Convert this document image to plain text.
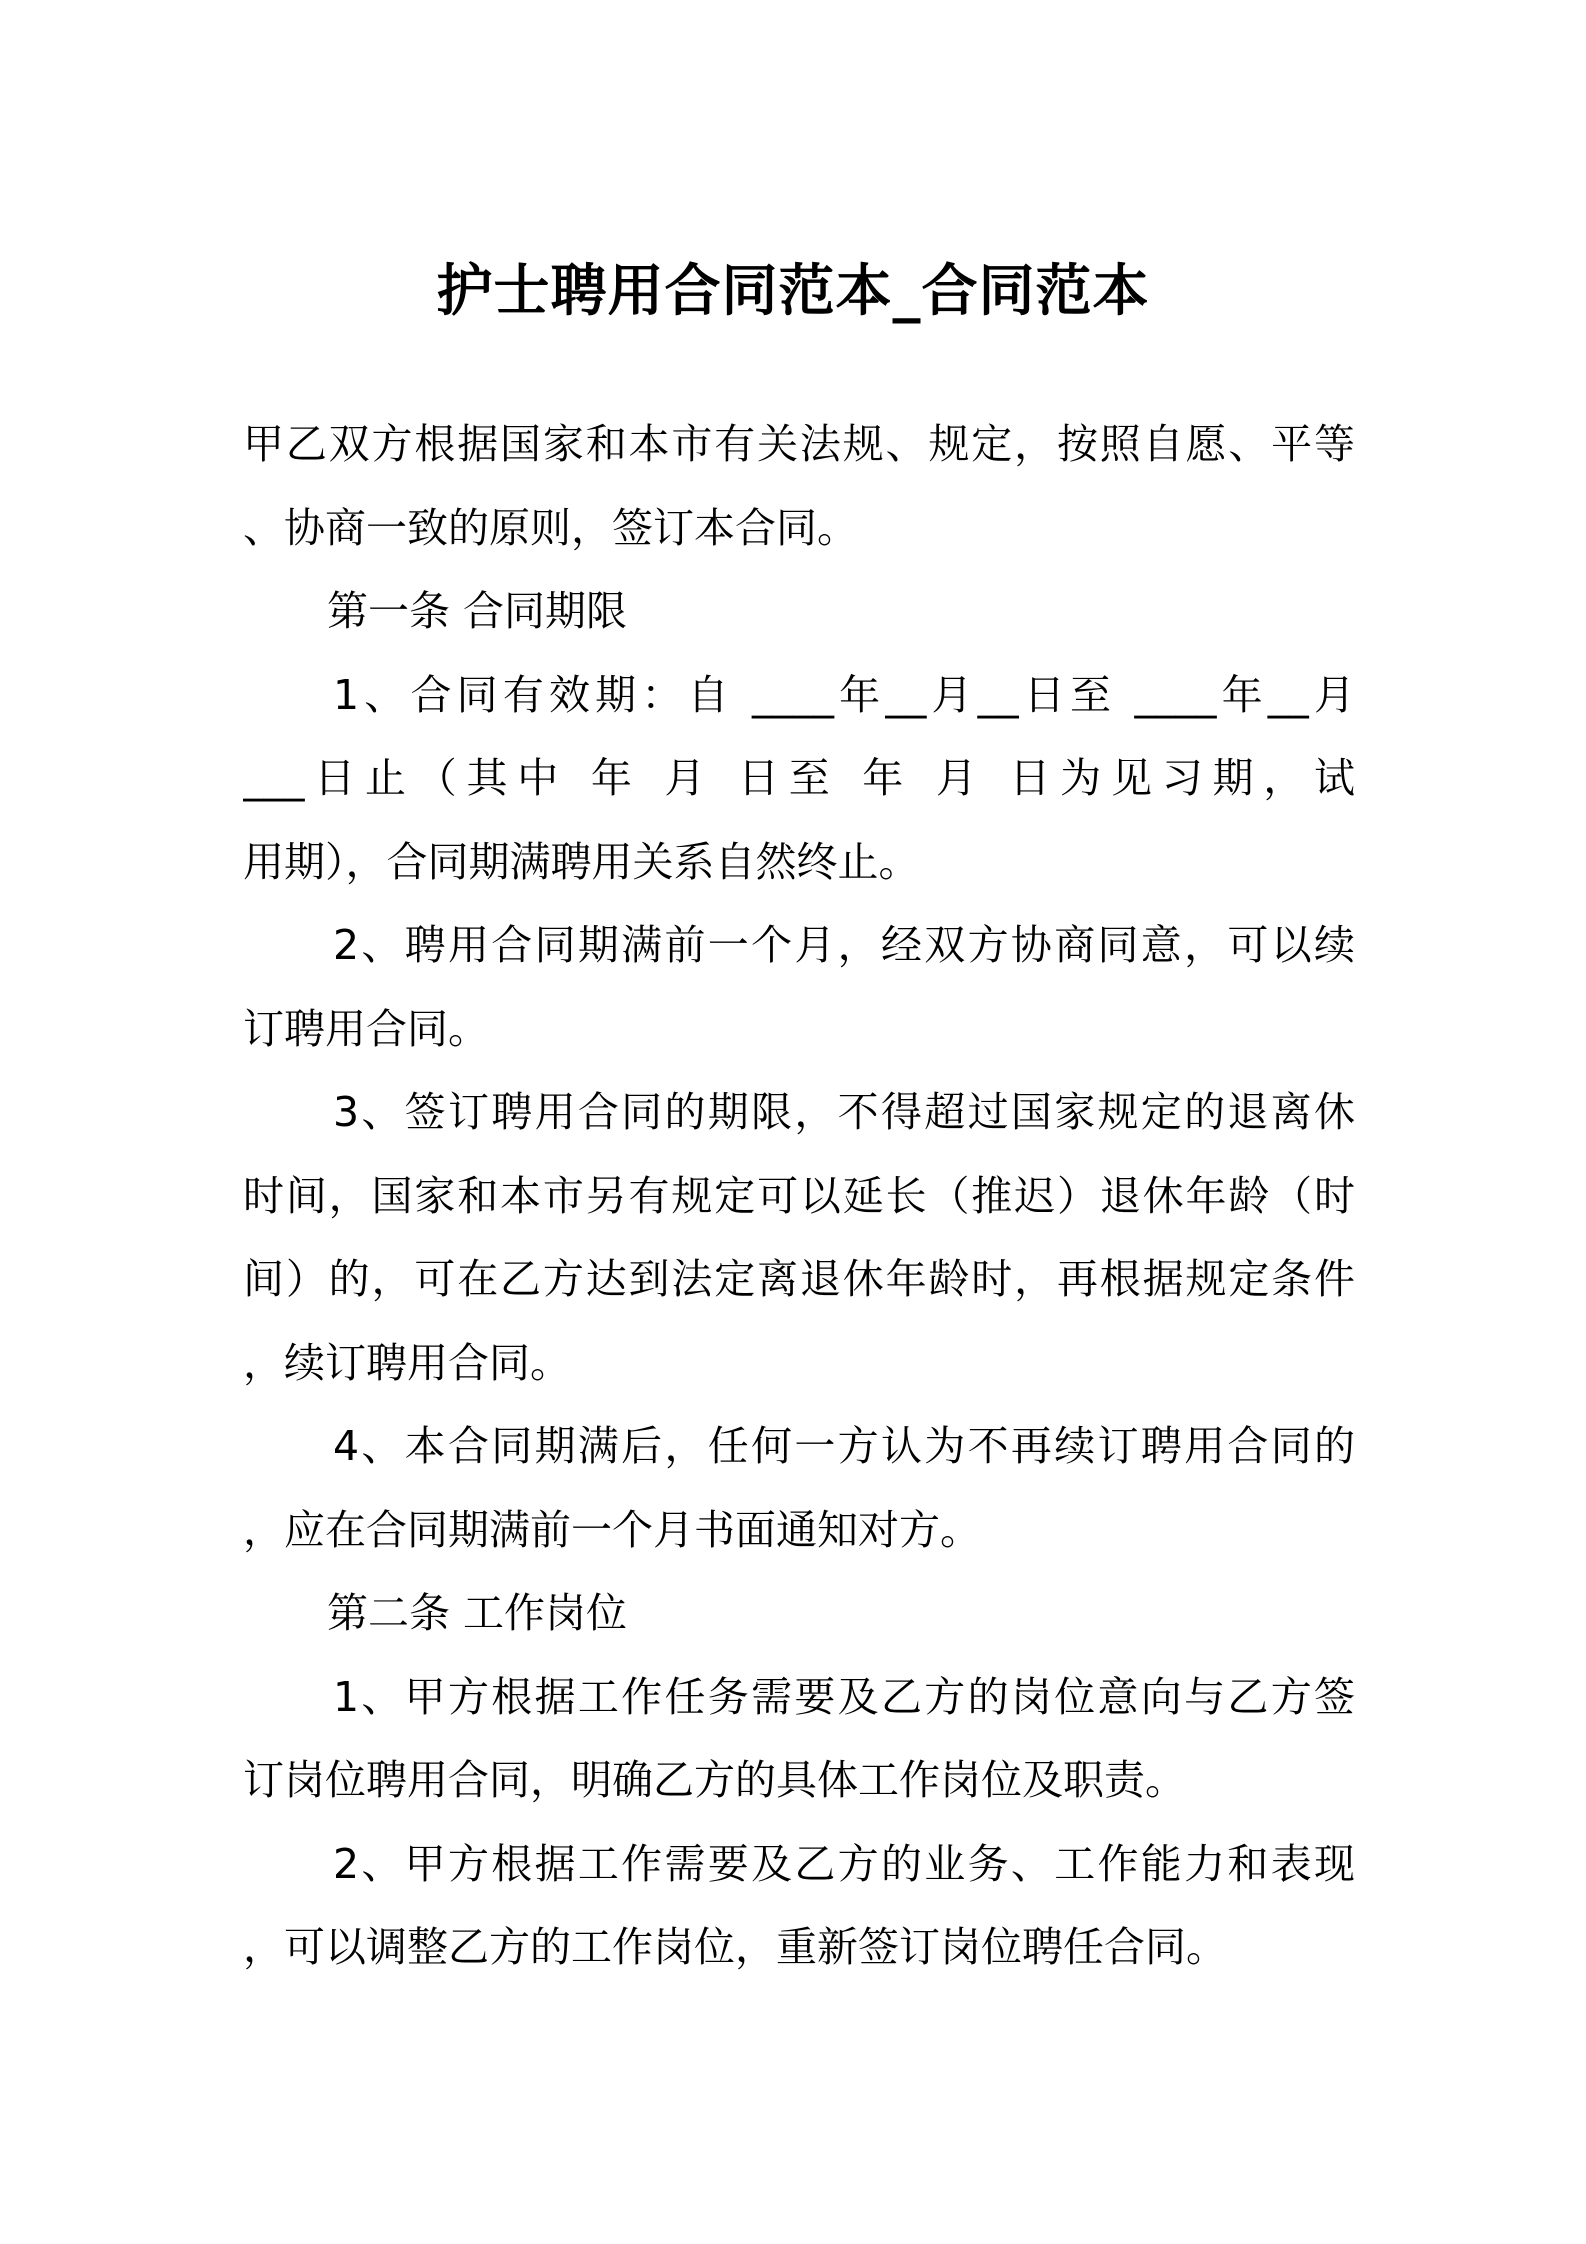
护士聘用合同范本_合同范本
甲乙双方根据国家和本市有关法规、规定，按照自愿、平等
、协商一致的原则，签订本合同。
第一条 合同期限
1、合同有效期：自 ____年__月__日至 ____年__月
___日止（其中 年 月 日至 年 月 日为见习期，试
用期），合同期满聘用关系自然终止。
2、聘用合同期满前一个月，经双方协商同意，可以续
订聘用合同。
3、签订聘用合同的期限，不得超过国家规定的退离休
时间，国家和本市另有规定可以延长（推迟）退休年龄（时
间）的，可在乙方达到法定离退休年龄时，再根据规定条件
，续订聘用合同。
4、本合同期满后，任何一方认为不再续订聘用合同的
，应在合同期满前一个月书面通知对方。
第二条 工作岗位
1、甲方根据工作任务需要及乙方的岗位意向与乙方签
订岗位聘用合同，明确乙方的具体工作岗位及职责。
2、甲方根据工作需要及乙方的业务、工作能力和表现
，可以调整乙方的工作岗位，重新签订岗位聘任合同。
